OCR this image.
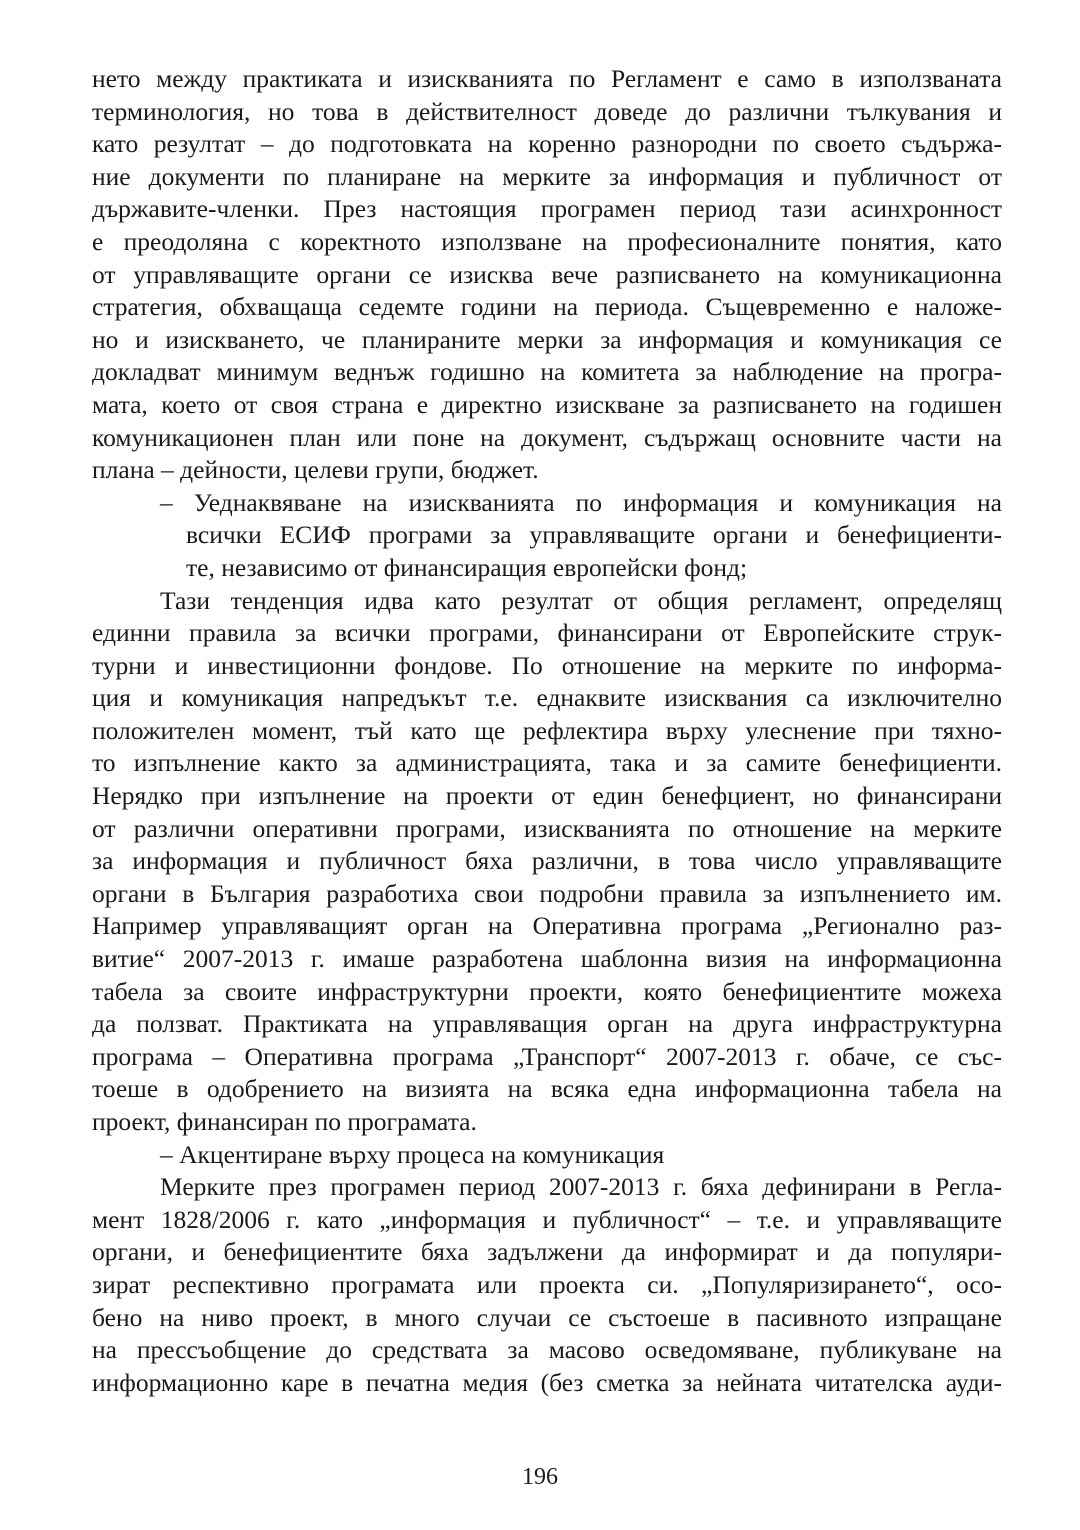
нето между практиката и изискванията по Регламент е само в използваната
терминология, но това в действителност доведе до различни тълкувания и
като резултат – до подготовката на коренно разнородни по своето съдържа-
ние документи по планиране на мерките за информация и публичност от
държавите-членки. През настоящия програмен период тази асинхронност
е преодоляна с коректното използване на професионалните понятия, като
от управляващите органи се изисква вече разписването на комуникационна
стратегия, обхващаща седемте години на периода. Същевременно е наложе-
но и изискването, че планираните мерки за информация и комуникация се
докладват минимум веднъж годишно на комитета за наблюдение на програ-
мата, което от своя страна е директно изискване за разписването на годишен
комуникационен план или поне на документ, съдържащ основните части на
плана – дейности, целеви групи, бюджет.
– Уеднаквяване на изискванията по информация и комуникация на
всички ЕСИФ програми за управляващите органи и бенефициенти-
те, независимо от финансиращия европейски фонд;
Тази тенденция идва като резултат от общия регламент, определящ
единни правила за всички програми, финансирани от Европейските струк-
турни и инвестиционни фондове. По отношение на мерките по информа-
ция и комуникация напредъкът т.е. еднаквите изисквания са изключително
положителен момент, тъй като ще рефлектира върху улеснение при тяхно-
то изпълнение както за администрацията, така и за самите бенефициенти.
Нерядко при изпълнение на проекти от един бенефциент, но финансирани
от различни оперативни програми, изискванията по отношение на мерките
за информация и публичност бяха различни, в това число управляващите
органи в България разработиха свои подробни правила за изпълнението им.
Например управляващият орган на Оперативна програма „Регионално раз-
витие“ 2007-2013 г. имаше разработена шаблонна визия на информационна
табела за своите инфраструктурни проекти, която бенефициентите можеха
да ползват. Практиката на управляващия орган на друга инфраструктурна
програма – Оперативна програма „Транспорт“ 2007-2013 г. обаче, се със-
тоеше в одобрението на визията на всяка една информационна табела на
проект, финансиран по програмата.
– Акцентиране върху процеса на комуникация
Мерките през програмен период 2007-2013 г. бяха дефинирани в Регла-
мент 1828/2006 г. като „информация и публичност“ – т.е. и управляващите
органи, и бенефициентите бяха задължени да информират и да популяри-
зират респективно програмата или проекта си. „Популяризирането“, осо-
бено на ниво проект, в много случаи се състоеше в пасивното изпращане
на прессъобщение до средствата за масово осведомяване, публикуване на
информационно каре в печатна медия (без сметка за нейната читателска ауди-
196
